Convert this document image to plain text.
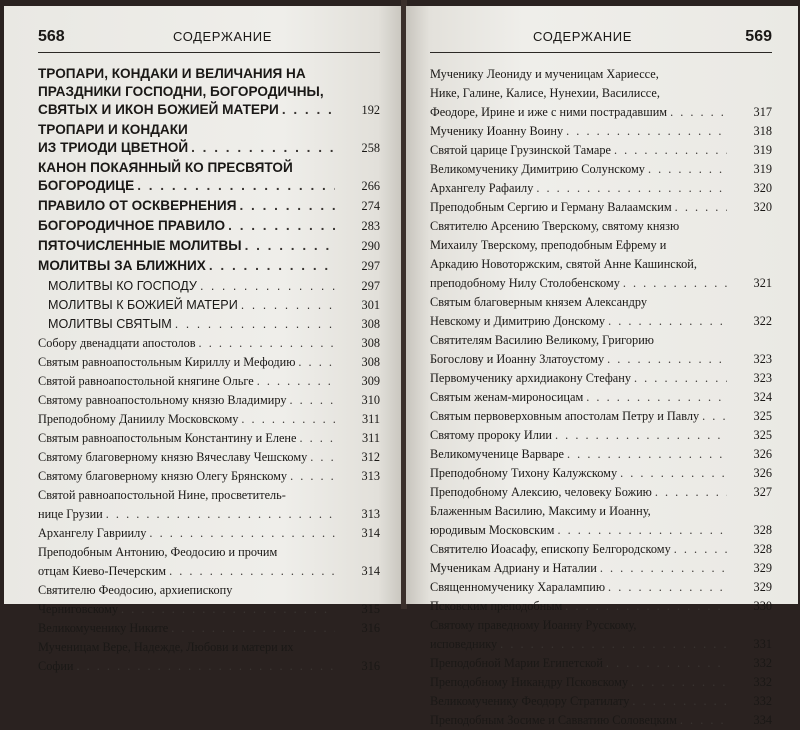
568	СОДЕРЖАНИЕ
ТРОПАРИ, КОНДАКИ И ВЕЛИЧАНИЯ НА
ПРАЗДНИКИ ГОСПОДНИ, БОГОРОДИЧНЫ,
СВЯТЫХ И ИКОН БОЖИЕЙ МАТЕРИ . . .	192
ТРОПАРИ И КОНДАКИ
ИЗ ТРИОДИ ЦВЕТНОЙ . . .	258
КАНОН ПОКАЯННЫЙ КО ПРЕСВЯТОЙ
БОГОРОДИЦЕ . . .	266
ПРАВИЛО ОТ ОСКВЕРНЕНИЯ . . .	274
БОГОРОДИЧНОЕ ПРАВИЛО . . .	283
ПЯТОЧИСЛЕННЫЕ МОЛИТВЫ . . .	290
МОЛИТВЫ ЗА БЛИЖНИХ . . .	297
МОЛИТВЫ КО ГОСПОДУ . . .	297
МОЛИТВЫ К БОЖИЕЙ МАТЕРИ . . .	301
МОЛИТВЫ СВЯТЫМ . . .	308
Собору двенадцати апостолов . . .	308
Святым равноапостольным Кириллу и Мефодию . . .	308
Святой равноапостольной княгине Ольге . . .	309
Святому равноапостольному князю Владимиру . . .	310
Преподобному Даниилу Московскому . . .	311
Святым равноапостольным Константину и Елене . . .	311
Святому благоверному князю Вячеславу Чешскому . . .	312
Святому благоверному князю Олегу Брянскому . . .	313
Святой равноапостольной Нине, просветитель-
нице Грузии . . .	313
Архангелу Гавриилу . . .	314
Преподобным Антонию, Феодосию и прочим
отцам Киево-Печерским . . .	314
Святителю Феодосию, архиепископу
Черниговскому . . .	315
Великомученику Никите . . .	316
Мученицам Вере, Надежде, Любови и матери их
Софии . . .	316
СОДЕРЖАНИЕ	569
Мученику Леониду и мученицам Хариессе,
Нике, Галине, Калисе, Нунехии, Василиссе,
Феодоре, Ирине и иже с ними пострадавшим . . .	317
Мученику Иоанну Воину . . .	318
Святой царице Грузинской Тамаре . . .	319
Великомученику Димитрию Солунскому . . .	319
Архангелу Рафаилу . . .	320
Преподобным Сергию и Герману Валаамским . . .	320
Святителю Арсению Тверскому, святому князю
Михаилу Тверскому, преподобным Ефрему и
Аркадию Новоторжским, святой Анне Кашинской,
преподобному Нилу Столобенскому . . .	321
Святым благоверным князем Александру
Невскому и Димитрию Донскому . . .	322
Святителям Василию Великому, Григорию
Богослову и Иоанну Златоустому . . .	323
Первомученику архидиакону Стефану . . .	323
Святым женам-мироносицам . . .	324
Святым первоверховным апостолам Петру и Павлу . . .	325
Святому пророку Илии . . .	325
Великомученице Варваре . . .	326
Преподобному Тихону Калужскому . . .	326
Преподобному Алексию, человеку Божию . . .	327
Блаженным Василию, Максиму и Иоанну,
юродивым Московским . . .	328
Святителю Иоасафу, епископу Белгородскому . . .	328
Мученикам Адриану и Наталии . . .	329
Священномученику Харалампию . . .	329
Псковским преподобным . . .	330
Святому праведному Иоанну Русскому,
исповеднику . . .	331
Преподобной Марии Египетской . . .	332
Преподобному Никандру Псковскому . . .	332
Великомученику Феодору Стратилату . . .	332
Преподобным Зосиме и Савватию Соловецким . . .	334
